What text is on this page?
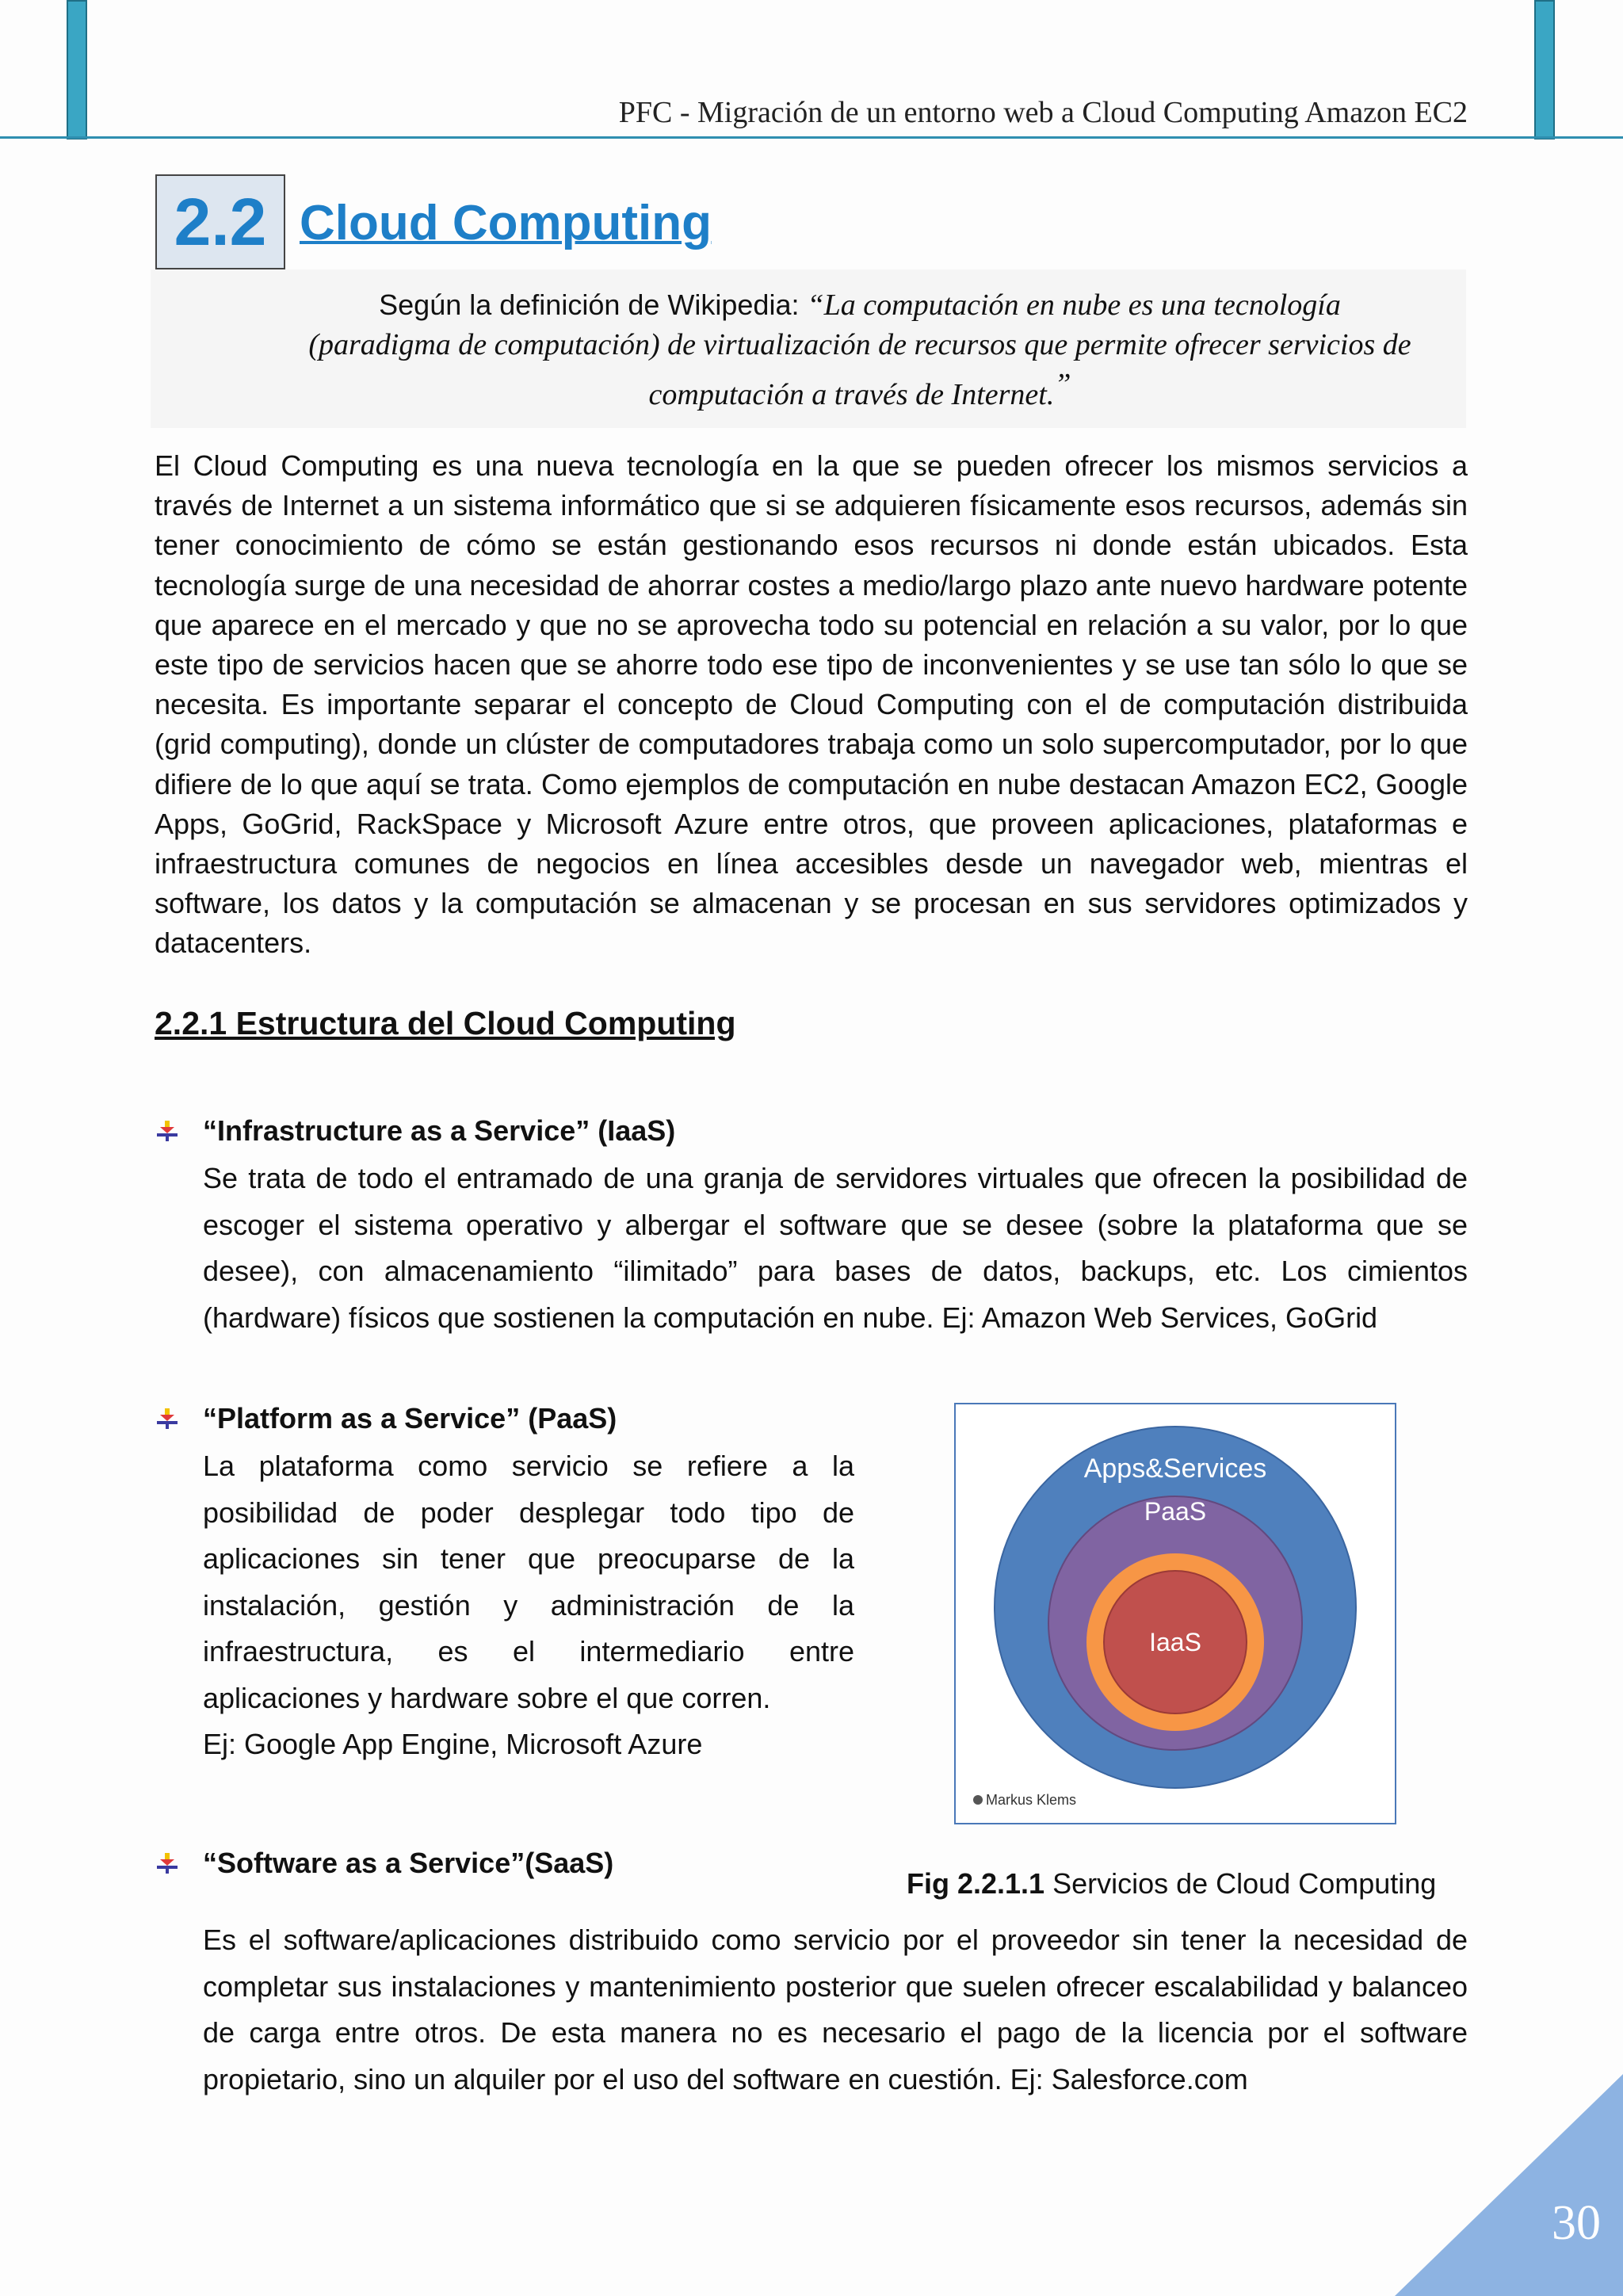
PFC - Migración de un entorno web a Cloud Computing Amazon EC2
2.2 Cloud Computing
Según la definición de Wikipedia: “La computación en nube es una tecnología
(paradigma de computación) de virtualización de recursos que permite ofrecer servicios de
computación a través de Internet.”
El Cloud Computing es una nueva tecnología en la que se pueden ofrecer los mismos servicios a través de Internet a un sistema informático que si se adquieren físicamente esos recursos, además sin tener conocimiento de cómo se están gestionando esos recursos ni donde están ubicados. Esta tecnología surge de una necesidad de ahorrar costes a medio/largo plazo ante nuevo hardware potente que aparece en el mercado y que no se aprovecha todo su potencial en relación a su valor, por lo que este tipo de servicios hacen que se ahorre todo ese tipo de inconvenientes y se use tan sólo lo que se necesita. Es importante separar el concepto de Cloud Computing con el de computación distribuida (grid computing), donde un clúster de computadores trabaja como un solo supercomputador, por lo que difiere de lo que aquí se trata. Como ejemplos de computación en nube destacan Amazon EC2, Google Apps, GoGrid, RackSpace y Microsoft Azure entre otros, que proveen aplicaciones, plataformas e infraestructura comunes de negocios en línea accesibles desde un navegador web, mientras el software, los datos y la computación se almacenan y se procesan en sus servidores optimizados y datacenters.
2.2.1 Estructura del Cloud Computing
“Infrastructure as a Service” (IaaS)
Se trata de todo el entramado de una granja de servidores virtuales que ofrecen la posibilidad de escoger el sistema operativo y albergar el software que se desee (sobre la plataforma que se desee), con almacenamiento “ilimitado” para bases de datos, backups, etc. Los cimientos (hardware) físicos que sostienen la computación en nube. Ej: Amazon Web Services, GoGrid
“Platform as a Service” (PaaS)
La plataforma como servicio se refiere a la posibilidad de poder desplegar todo tipo de aplicaciones sin tener que preocuparse de la instalación, gestión y administración de la infraestructura, es el intermediario entre aplicaciones y hardware sobre el que corren.
Ej: Google App Engine, Microsoft Azure
Apps&Services
PaaS
IaaS
Markus Klems
Fig 2.2.1.1 Servicios de Cloud Computing
“Software as a Service”(SaaS)
Es el software/aplicaciones distribuido como servicio por el proveedor sin tener la necesidad de completar sus instalaciones y mantenimiento posterior que suelen ofrecer escalabilidad y balanceo de carga entre otros. De esta manera no es necesario el pago de la licencia por el software propietario, sino un alquiler por el uso del software en cuestión. Ej: Salesforce.com
30
